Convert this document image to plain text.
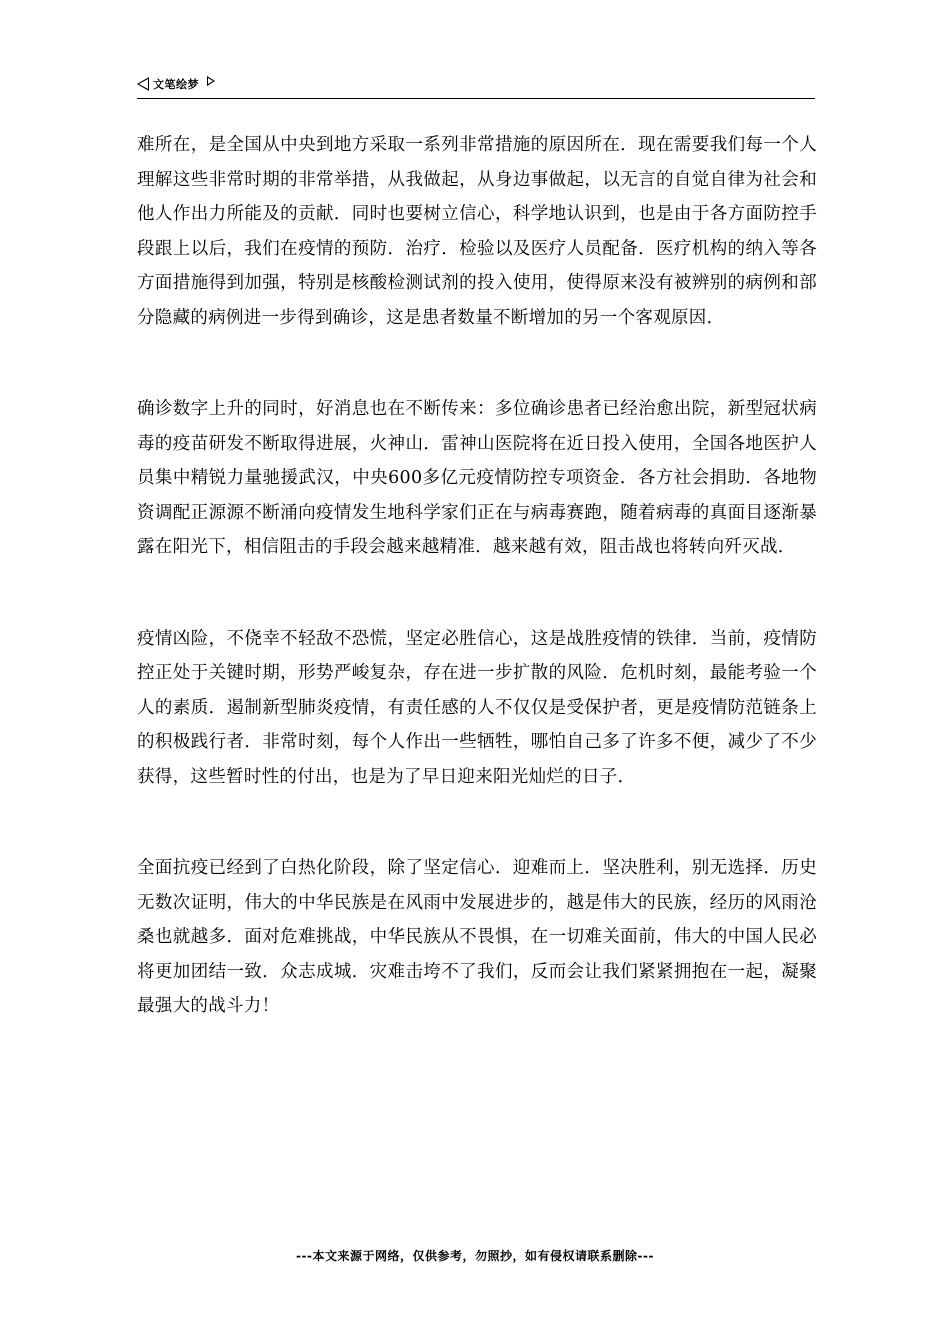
文笔绘梦

难所在，是全国从中央到地方采取一系列非常措施的原因所在．现在需要我们每一个人理解这些非常时期的非常举措，从我做起，从身边事做起，以无言的自觉自律为社会和他人作出力所能及的贡献．同时也要树立信心，科学地认识到，也是由于各方面防控手段跟上以后，我们在疫情的预防．治疗．检验以及医疗人员配备．医疗机构的纳入等各方面措施得到加强，特别是核酸检测试剂的投入使用，使得原来没有被辨别的病例和部分隐藏的病例进一步得到确诊，这是患者数量不断增加的另一个客观原因．

确诊数字上升的同时，好消息也在不断传来：多位确诊患者已经治愈出院，新型冠状病毒的疫苗研发不断取得进展，火神山．雷神山医院将在近日投入使用，全国各地医护人员集中精锐力量驰援武汉，中央600多亿元疫情防控专项资金．各方社会捐助．各地物资调配正源源不断涌向疫情发生地科学家们正在与病毒赛跑，随着病毒的真面目逐渐暴露在阳光下，相信阻击的手段会越来越精准．越来越有效，阻击战也将转向歼灭战．

疫情凶险，不侥幸不轻敌不恐慌，坚定必胜信心，这是战胜疫情的铁律．当前，疫情防控正处于关键时期，形势严峻复杂，存在进一步扩散的风险．危机时刻，最能考验一个人的素质．遏制新型肺炎疫情，有责任感的人不仅仅是受保护者，更是疫情防范链条上的积极践行者．非常时刻，每个人作出一些牺牲，哪怕自己多了许多不便，减少了不少获得，这些暂时性的付出，也是为了早日迎来阳光灿烂的日子．

全面抗疫已经到了白热化阶段，除了坚定信心．迎难而上．坚决胜利，别无选择．历史无数次证明，伟大的中华民族是在风雨中发展进步的，越是伟大的民族，经历的风雨沧桑也就越多．面对危难挑战，中华民族从不畏惧，在一切难关面前，伟大的中国人民必将更加团结一致．众志成城．灾难击垮不了我们，反而会让我们紧紧拥抱在一起，凝聚最强大的战斗力！

---本文来源于网络，仅供参考，勿照抄，如有侵权请联系删除---
